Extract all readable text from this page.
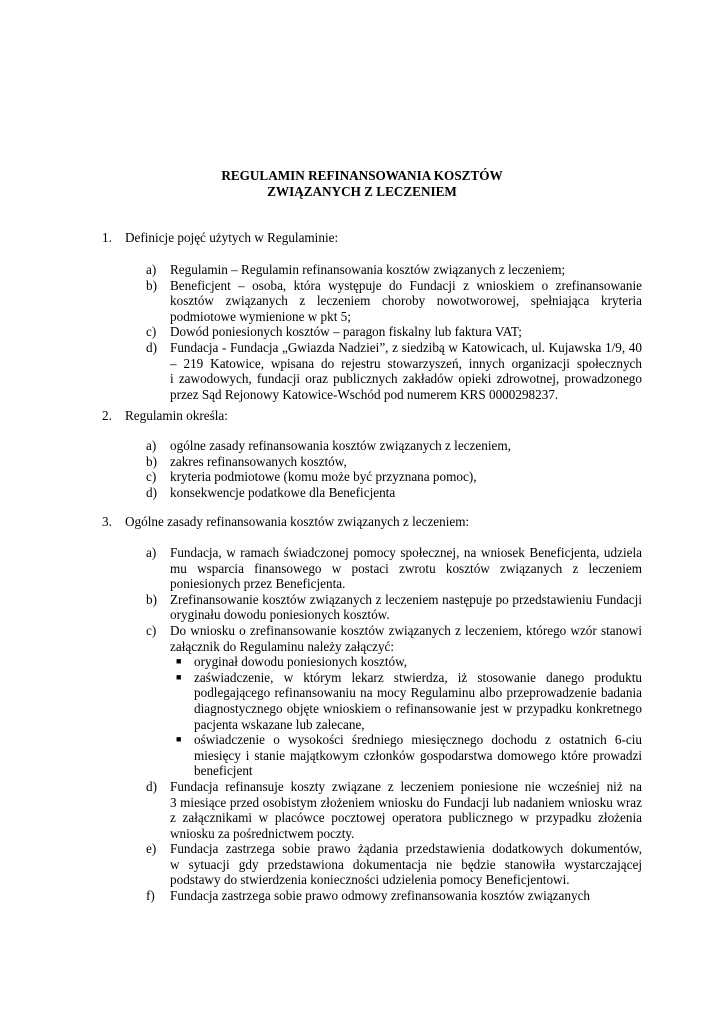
REGULAMIN REFINANSOWANIA KOSZTÓW
ZWIĄZANYCH Z LECZENIEM
1. Definicje pojęć użytych w Regulaminie:
a) Regulamin – Regulamin refinansowania kosztów związanych z leczeniem;
b) Beneficjent – osoba, która występuje do Fundacji z wnioskiem o zrefinansowanie
kosztów związanych z leczeniem choroby nowotworowej, spełniająca kryteria
podmiotowe wymienione w pkt 5;
c) Dowód poniesionych kosztów – paragon fiskalny lub faktura VAT;
d) Fundacja - Fundacja „Gwiazda Nadziei”, z siedzibą w Katowicach, ul. Kujawska 1/9, 40
– 219 Katowice, wpisana do rejestru stowarzyszeń, innych organizacji społecznych
i zawodowych, fundacji oraz publicznych zakładów opieki zdrowotnej, prowadzonego
przez Sąd Rejonowy Katowice-Wschód pod numerem KRS 0000298237.
2. Regulamin określa:
a) ogólne zasady refinansowania kosztów związanych z leczeniem,
b) zakres refinansowanych kosztów,
c) kryteria podmiotowe (komu może być przyznana pomoc),
d) konsekwencje podatkowe dla Beneficjenta
3. Ogólne zasady refinansowania kosztów związanych z leczeniem:
a) Fundacja, w ramach świadczonej pomocy społecznej, na wniosek Beneficjenta, udziela
mu wsparcia finansowego w postaci zwrotu kosztów związanych z leczeniem
poniesionych przez Beneficjenta.
b) Zrefinansowanie kosztów związanych z leczeniem następuje po przedstawieniu Fundacji
oryginału dowodu poniesionych kosztów.
c) Do wniosku o zrefinansowanie kosztów związanych z leczeniem, którego wzór stanowi
załącznik do Regulaminu należy załączyć:
■ oryginał dowodu poniesionych kosztów,
■ zaświadczenie, w którym lekarz stwierdza, iż stosowanie danego produktu
podlegającego refinansowaniu na mocy Regulaminu albo przeprowadzenie badania
diagnostycznego objęte wnioskiem o refinansowanie jest w przypadku konkretnego
pacjenta wskazane lub zalecane,
■ oświadczenie o wysokości średniego miesięcznego dochodu z ostatnich 6-ciu
miesięcy i stanie majątkowym członków gospodarstwa domowego które prowadzi
beneficjent
d) Fundacja refinansuje koszty związane z leczeniem poniesione nie wcześniej niż na
3 miesiące przed osobistym złożeniem wniosku do Fundacji lub nadaniem wniosku wraz
z załącznikami w placówce pocztowej operatora publicznego w przypadku złożenia
wniosku za pośrednictwem poczty.
e) Fundacja zastrzega sobie prawo żądania przedstawienia dodatkowych dokumentów,
w sytuacji gdy przedstawiona dokumentacja nie będzie stanowiła wystarczającej
podstawy do stwierdzenia konieczności udzielenia pomocy Beneficjentowi.
f) Fundacja zastrzega sobie prawo odmowy zrefinansowania kosztów związanych
